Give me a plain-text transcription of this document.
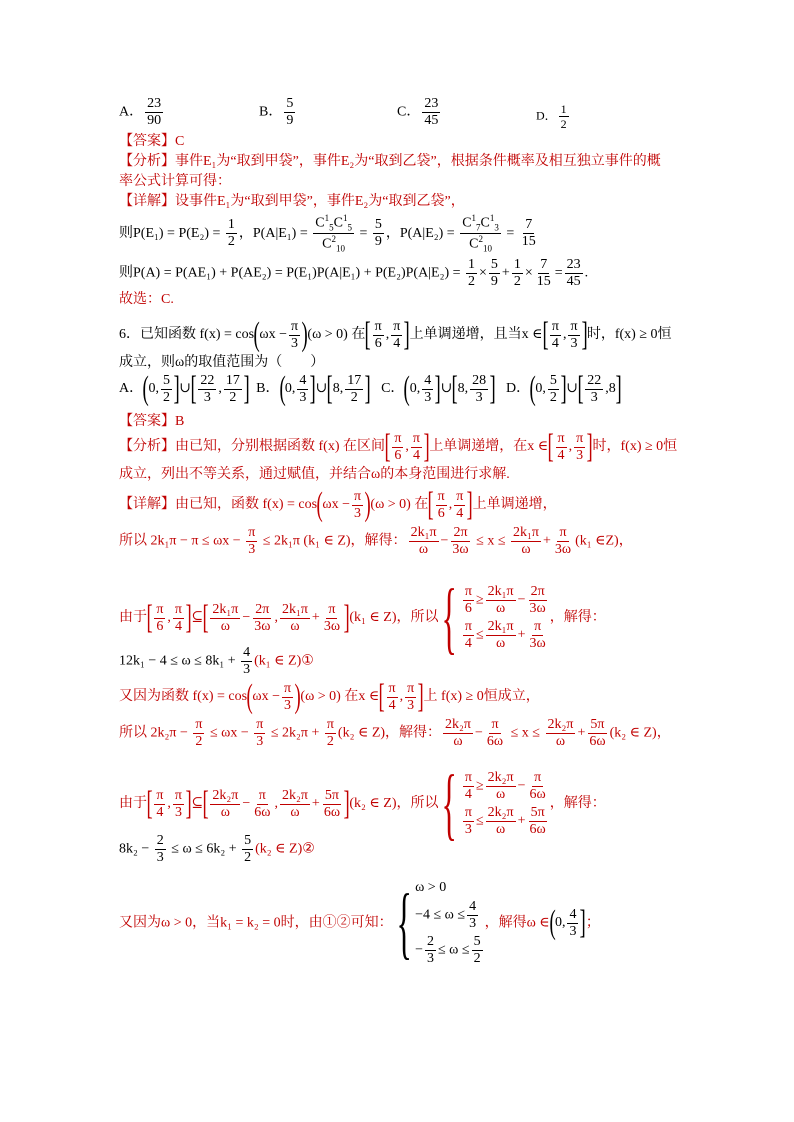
A． $\frac{23}{90}$	B． $\frac{5}{9}$	C． $\frac{23}{45}$	D． $\frac{1}{2}$
【答案】C
【分析】事件E₁为“取到甲袋”，事件E₂为“取到乙袋”，根据条件概率及相互独立事件的概
率公式计算可得：
【详解】设事件E₁为“取到甲袋”，事件E₂为“取到乙袋”，
则$P(E_1) = P(E_2) = \frac{1}{2}$ ，$P(A|E_1) = \frac{C^1_5C^1_5}{C^2_{10}} = \frac{5}{9}$ ，$P(A|E_2) = \frac{C^1_7C^1_3}{C^2_{10}} = \frac{7}{15}$
则$P(A) = P(AE_1) + P(AE_2) = P(E_1)P(A|E_1) + P(E_2)P(A|E_2) = \frac{1}{2} \times \frac{5}{9} + \frac{1}{2} \times \frac{7}{15} = \frac{23}{45}$ .
故选：C.
6．已知函数 $f(x) = \cos(\omega x - \frac{\pi}{3} )(\omega > 0)$ 在[ $\frac{\pi}{6}$ , $\frac{\pi}{4}$ ]上单调递增，且当x ∈[ $\frac{\pi}{4}$ , $\frac{\pi}{3}$ ]时，f(x) ≥ 0恒
成立，则ω的取值范围为（　　）
A．(0, $\frac{5}{2}$ ]∪[ $\frac{22}{3}$ , $\frac{17}{2}$ ] B．(0, $\frac{4}{3}$ ]∪[8, $\frac{17}{2}$ ] C．(0, $\frac{4}{3}$ ]∪[8, $\frac{28}{3}$ ] D．(0, $\frac{5}{2}$ ]∪[ $\frac{22}{3} ,8$]
【答案】B
【分析】由已知，分别根据函数 f(x) 在区间[ $\frac{\pi}{6}$ , $\frac{\pi}{4}$ ]上单调递增，在x ∈[ $\frac{\pi}{4}$ , $\frac{\pi}{3}$ ]时，f(x) ≥ 0恒
成立，列出不等关系，通过赋值，并结合ω的本身范围进行求解.
【详解】由已知，函数 $f(x) = \cos(\omega x - \frac{\pi}{3} )(\omega > 0)$ 在[ $\frac{\pi}{6}$ , $\frac{\pi}{4}$ ]上单调递增，
所以 $2k_1\pi - \pi \le \omega x - \frac{\pi}{3} \le 2k_1\pi$ (k₁ ∈ Z)，解得： $\frac{\text{2k₁π}}{\omega} - \frac{2\pi}{3\omega} \le x \le \frac{\text{2k₁π}}{\omega} + \frac{\pi}{3\omega} (k_1$ ∈Z)，
由于[ $\frac{\pi}{6}$ , $\frac{\pi}{4}$ ]⊆[ $\frac{\text{2k₁π}}{\omega} - \frac{2\pi}{3\omega}$ , $\frac{\text{2k₁π}}{\omega} + \frac{\pi}{3\omega} ](k_1$ ∈ Z)，所以 { $\frac{\pi}{6} \ge \frac{\text{2k₁π}}{\omega} - \frac{2\pi}{3\omega}$
$\frac{\pi}{4} \le \frac{\text{2k₁π}}{\omega} + \frac{\pi}{3\omega}$
，解得：
$12k_1 - 4 \le \omega \le 8k_1 + \frac{4}{3} (k_1$ ∈ Z)①
又因为函数 $f(x) = \cos(\omega x - \frac{\pi}{3} )(\omega > 0)$ 在x ∈[ $\frac{\pi}{4}$ , $\frac{\pi}{3}$ ]上 f(x) ≥ 0恒成立，
所以 $2k_2\pi - \frac{\pi}{2} \le \omega x - \frac{\pi}{3} \le 2k_2\pi + \frac{\pi}{2} (k_2$ ∈ Z)，解得： $\frac{\text{2k₂π}}{\omega} - \frac{\pi}{6\omega} \le x \le \frac{\text{2k₂π}}{\omega} + \frac{5\pi}{6\omega} (k_2$ ∈ Z)，
由于[ $\frac{\pi}{4}$ , $\frac{\pi}{3}$ ]⊆[ $\frac{\text{2k₂π}}{\omega} - \frac{\pi}{6\omega}$ , $\frac{\text{2k₂π}}{\omega} + \frac{5\pi}{6\omega} ](k_2$ ∈ Z)，所以 { $\frac{\pi}{4} \ge \frac{\text{2k₂π}}{\omega} - \frac{\pi}{6\omega}$
$\frac{\pi}{3} \le \frac{\text{2k₂π}}{\omega} + \frac{5\pi}{6\omega}$
，解得：
$8k_2 - \frac{2}{3} \le \omega \le 6k_2 + \frac{5}{2} (k_2$ ∈ Z)②
又因为ω > 0，当k₁ = k₂ = 0时，由①②可知： { ω > 0
$-4 \le \omega \le \frac{4}{3}$
− $\frac{2}{3} \le \omega \le \frac{5}{2}$
，解得ω ∈(0, $\frac{4}{3}$ ]；
